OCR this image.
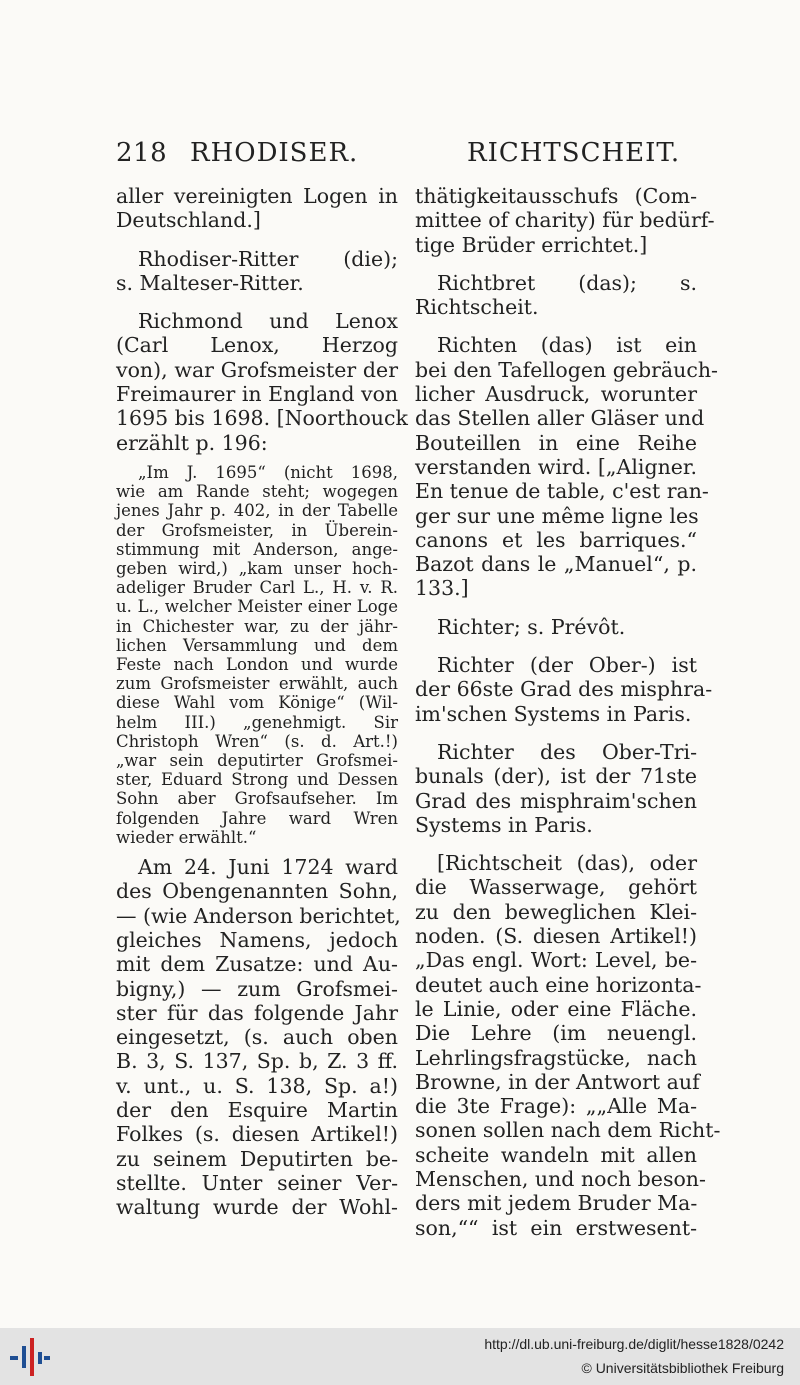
218 RHODISER.	RICHTSCHEIT.

aller vereinigten Logen in
Deutschland.]

Rhodiser-Ritter (die);
s. Malteser-Ritter.

Richmond und Lenox
(Carl Lenox, Herzog
von), war Grofsmeister der
Freimaurer in England von
1695 bis 1698. [Noorthouck
erzählt p. 196:

„Im J. 1695“ (nicht 1698,
wie am Rande steht; wogegen
jenes Jahr p. 402, in der Tabelle
der Grofsmeister, in Überein-
stimmung mit Anderson, ange-
geben wird,) „kam unser hoch-
adeliger Bruder Carl L., H. v. R.
u. L., welcher Meister einer Loge
in Chichester war, zu der jähr-
lichen Versammlung und dem
Feste nach London und wurde
zum Grofsmeister erwählt, auch
diese Wahl vom Könige“ (Wil-
helm III.) „genehmigt. Sir
Christoph Wren“ (s. d. Art.!)
„war sein deputirter Grofsmei-
ster, Eduard Strong und Dessen
Sohn aber Grofsaufseher. Im
folgenden Jahre ward Wren
wieder erwählt.“

Am 24. Juni 1724 ward
des Obengenannten Sohn,
— (wie Anderson berichtet,
gleiches Namens, jedoch
mit dem Zusatze: und Au-
bigny,) — zum Grofsmei-
ster für das folgende Jahr
eingesetzt, (s. auch oben
B. 3, S. 137, Sp. b, Z. 3 ff.
v. unt., u. S. 138, Sp. a!)
der den Esquire Martin
Folkes (s. diesen Artikel!)
zu seinem Deputirten be-
stellte. Unter seiner Ver-
waltung wurde der Wohl-

thätigkeitausschufs (Com-
mittee of charity) für bedürf-
tige Brüder errichtet.]

Richtbret (das); s.
Richtscheit.

Richten (das) ist ein
bei den Tafellogen gebräuch-
licher Ausdruck, worunter
das Stellen aller Gläser und
Bouteillen in eine Reihe
verstanden wird. [„Aligner.
En tenue de table, c'est ran-
ger sur une même ligne les
canons et les barriques.“
Bazot dans le „Manuel“, p.
133.]

Richter; s. Prévôt.

Richter (der Ober-) ist
der 66ste Grad des misphra-
im'schen Systems in Paris.

Richter des Ober-Tri-
bunals (der), ist der 71ste
Grad des misphraim'schen
Systems in Paris.

[Richtscheit (das), oder
die Wasserwage, gehört
zu den beweglichen Klei-
noden. (S. diesen Artikel!)
„Das engl. Wort: Level, be-
deutet auch eine horizonta-
le Linie, oder eine Fläche.
Die Lehre (im neuengl.
Lehrlingsfragstücke, nach
Browne, in der Antwort auf
die 3te Frage): „„Alle Ma-
sonen sollen nach dem Richt-
scheite wandeln mit allen
Menschen, und noch beson-
ders mit jedem Bruder Ma-
son,““ ist ein erstwesent-

http://dl.ub.uni-freiburg.de/diglit/hesse1828/0242
© Universitätsbibliothek Freiburg
